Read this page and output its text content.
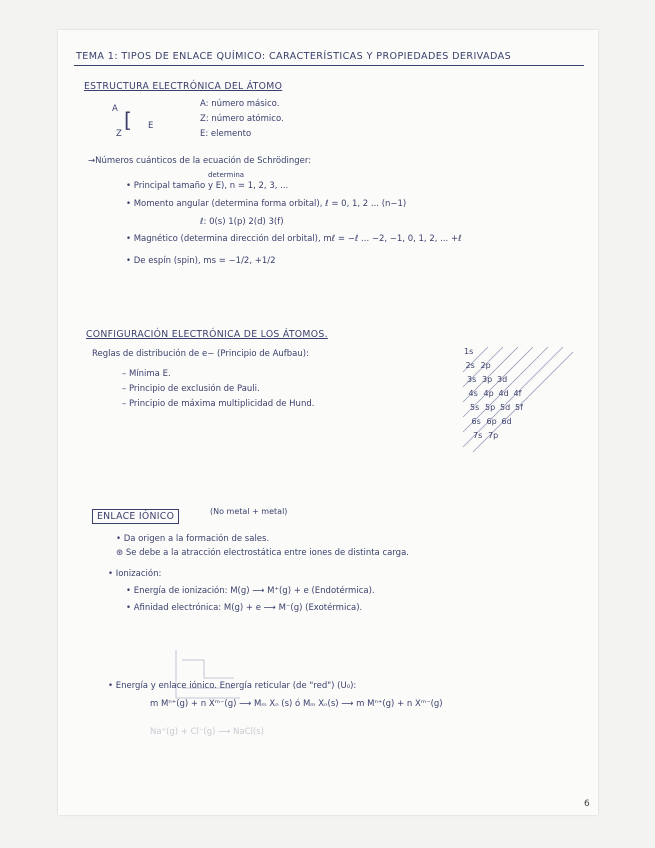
TEMA 1: TIPOS DE ENLACE QUÍMICO: CARACTERÍSTICAS Y PROPIEDADES DERIVADAS
ESTRUCTURA ELECTRÓNICA DEL ÁTOMO
A [
Z
E
A: número másico.
Z: número atómico.
E: elemento
→Números cuánticos de la ecuación de Schrödinger:
determina
• Principal tamaño y E), n = 1, 2, 3, ...
• Momento angular (determina forma orbital), ℓ = 0, 1, 2 ... (n−1)
ℓ: 0(s) 1(p) 2(d) 3(f)
• Magnético (determina dirección del orbital), mℓ = −ℓ ... −2, −1, 0, 1, 2, ... +ℓ
• De espín (spin), ms = −1/2, +1/2
CONFIGURACIÓN ELECTRÓNICA DE LOS ÁTOMOS.
Reglas de distribución de e− (Principio de Aufbau):
– Mínima E.
– Principio de exclusión de Pauli.
– Principio de máxima multiplicidad de Hund.
1s
2s 2p
3s 3p 3d
4s 4p 4d 4f
5s 5p 5d 5f
6s 6p 6d
7s 7p
ENLACE IÓNICO	(No metal + metal)
• Da origen a la formación de sales.
⊛ Se debe a la atracción electrostática entre iones de distinta carga.
• Ionización:
• Energía de ionización: M(g) ⟶ M⁺(g) + e (Endotérmica).
• Afinidad electrónica: M(g) + e ⟶ M⁻(g) (Exotérmica).
• Energía y enlace iónico. Energía reticular (de "red") (U₀):
m Mⁿ⁺(g) + n Xᵐ⁻(g) ⟶ Mₘ Xₙ (s) ó Mₘ Xₙ(s) ⟶ m Mⁿ⁺(g) + n Xᵐ⁻(g)
Na⁺(g) + Cl⁻(g) ⟶ NaCl(s)
6
